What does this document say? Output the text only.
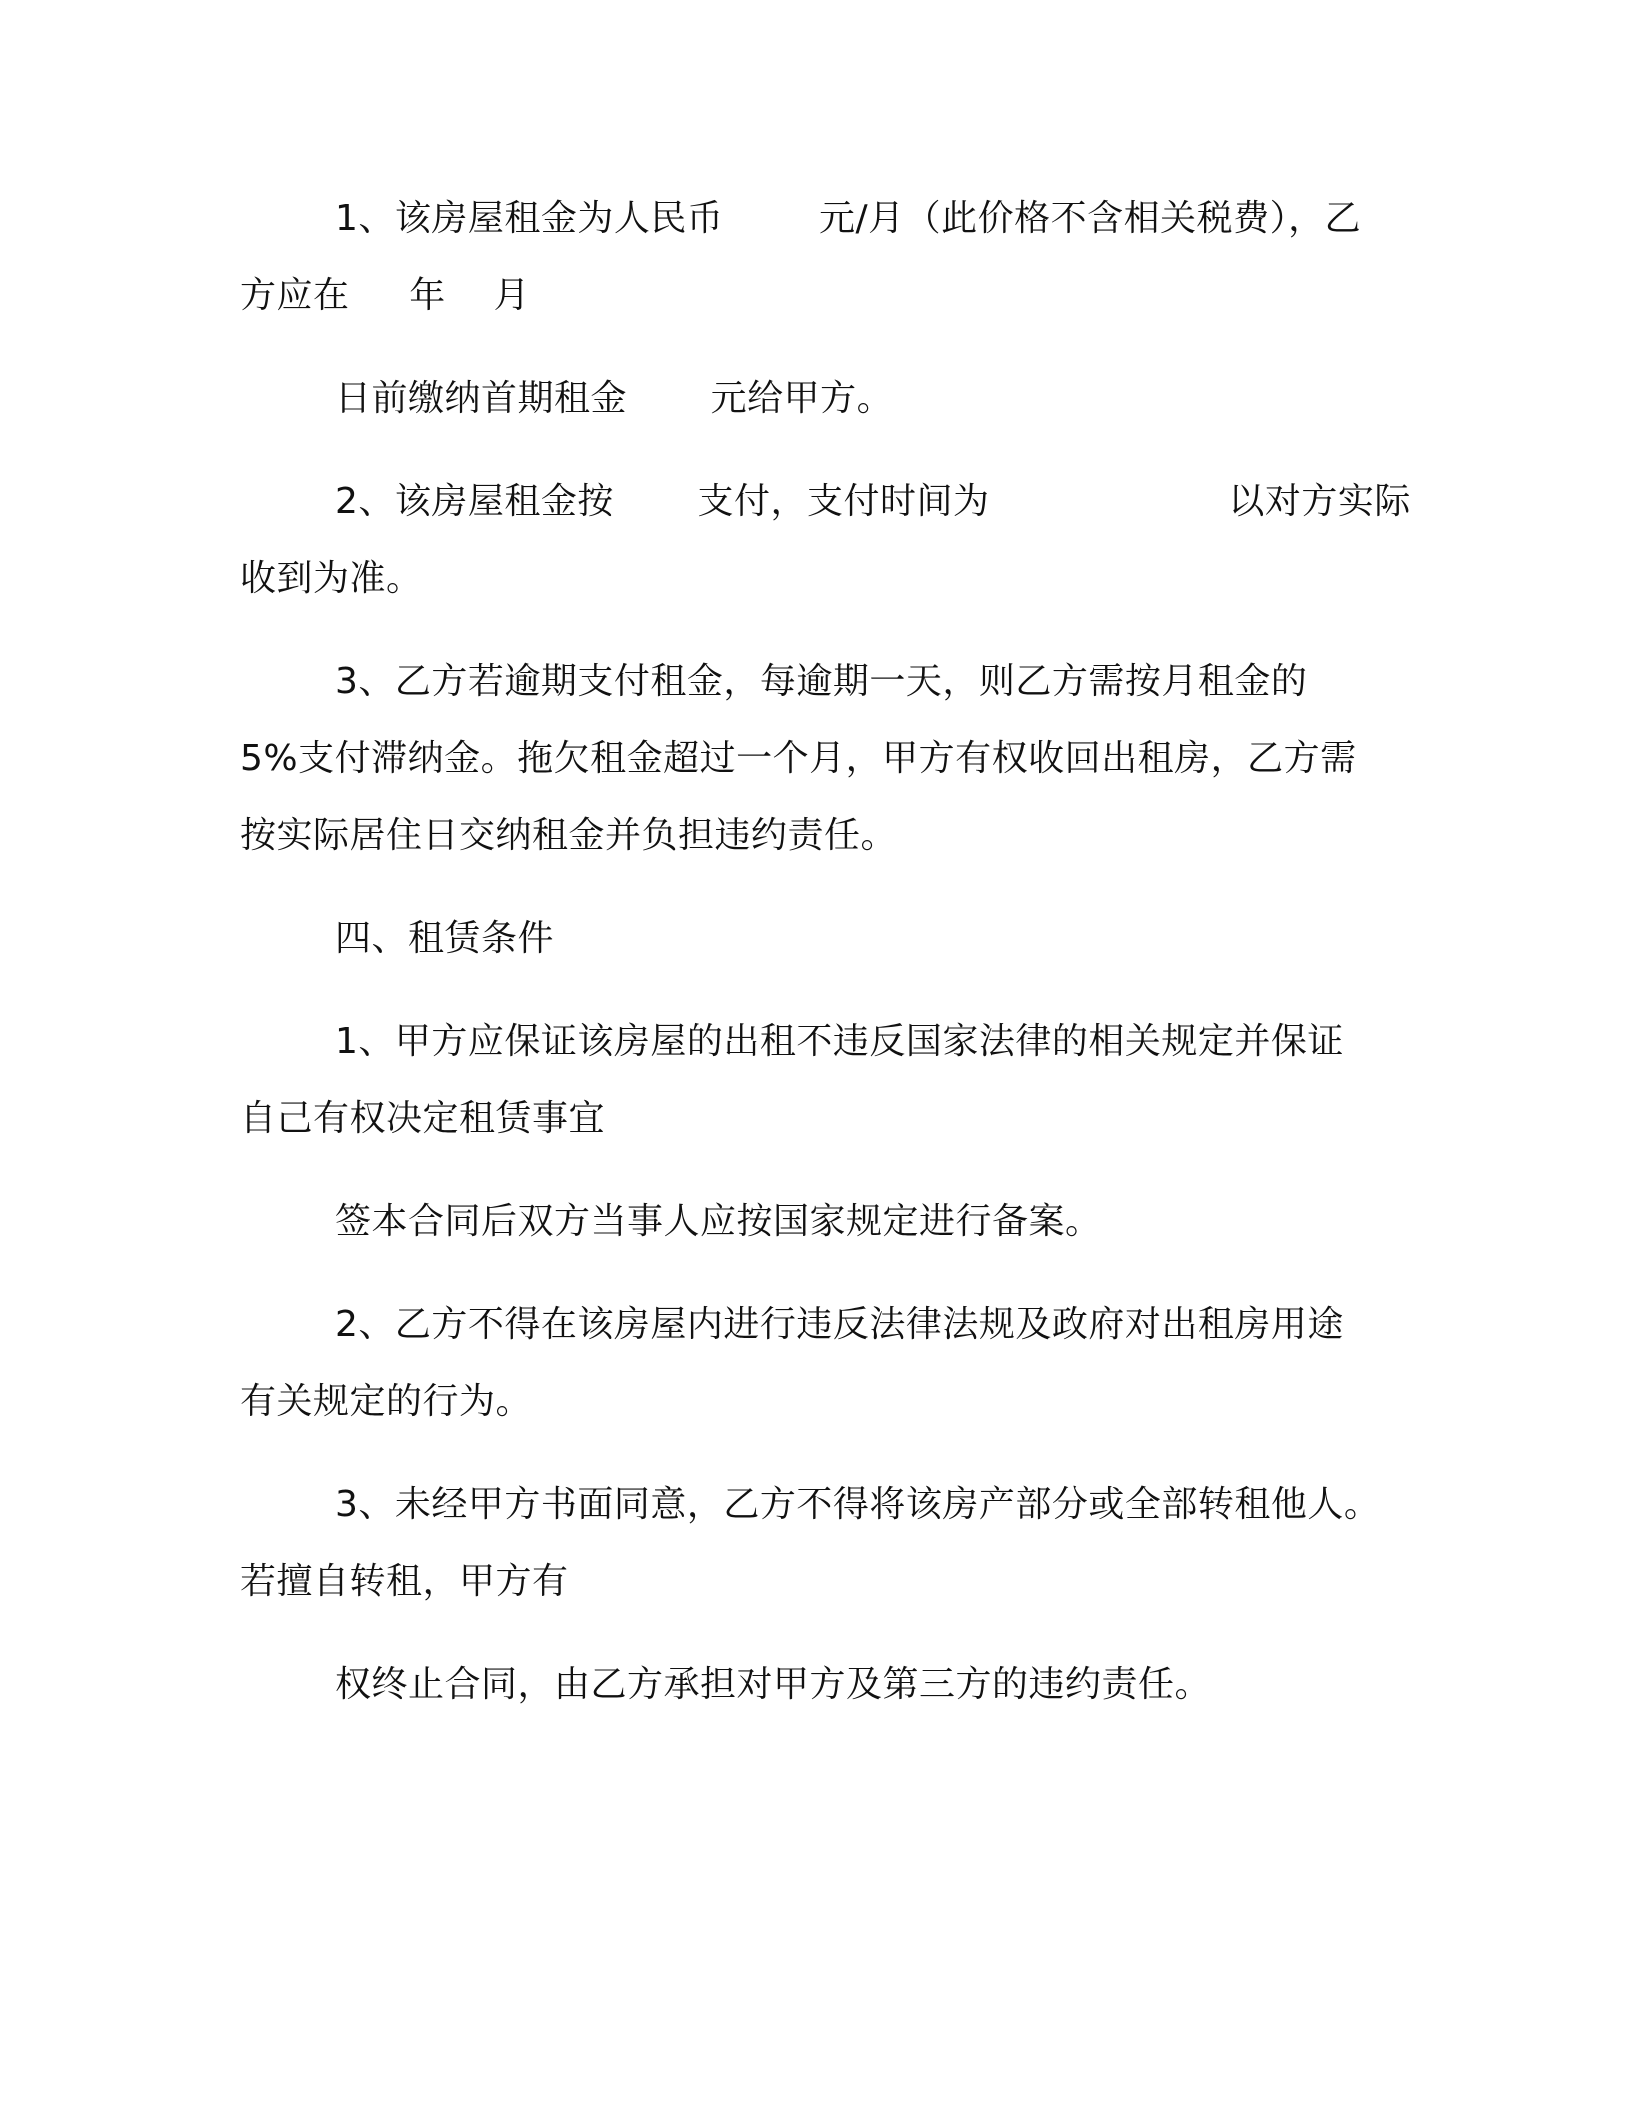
1、该房屋租金为人民币        元/月（此价格不含相关税费），乙
方应在     年    月
日前缴纳首期租金       元给甲方。
2、该房屋租金按       支付，支付时间为                    以对方实际
收到为准。
3、乙方若逾期支付租金，每逾期一天，则乙方需按月租金的
5%支付滞纳金。拖欠租金超过一个月，甲方有权收回出租房，乙方需
按实际居住日交纳租金并负担违约责任。
四、租赁条件
1、甲方应保证该房屋的出租不违反国家法律的相关规定并保证
自己有权决定租赁事宜
签本合同后双方当事人应按国家规定进行备案。
2、乙方不得在该房屋内进行违反法律法规及政府对出租房用途
有关规定的行为。
3、未经甲方书面同意，乙方不得将该房产部分或全部转租他人。
若擅自转租，甲方有
权终止合同，由乙方承担对甲方及第三方的违约责任。
